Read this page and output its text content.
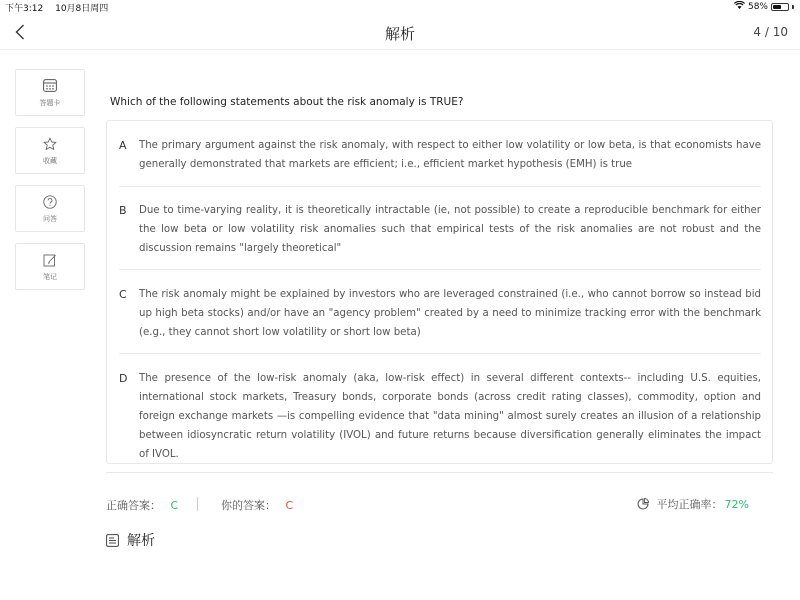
下午3:12 10月8日周四	58%
解析	4 / 10
答题卡
收藏
问答
笔记
Which of the following statements about the risk anomaly is TRUE?
A	The primary argument against the risk anomaly, with respect to either low volatility or low beta, is that economists have generally demonstrated that markets are efficient; i.e., efficient market hypothesis (EMH) is true
B	Due to time-varying reality, it is theoretically intractable (ie, not possible) to create a reproducible benchmark for either the low beta or low volatility risk anomalies such that empirical tests of the risk anomalies are not robust and the discussion remains "largely theoretical"
C	The risk anomaly might be explained by investors who are leveraged constrained (i.e., who cannot borrow so instead bid up high beta stocks) and/or have an "agency problem" created by a need to minimize tracking error with the benchmark (e.g., they cannot short low volatility or short low beta)
D	The presence of the low-risk anomaly (aka, low-risk effect) in several different contexts-- including U.S. equities, international stock markets, Treasury bonds, corporate bonds (across credit rating classes), commodity, option and foreign exchange markets —is compelling evidence that "data mining" almost surely creates an illusion of a relationship between idiosyncratic return volatility (IVOL) and future returns because diversification generally eliminates the impact of IVOL.
正确答案： C	你的答案： C	平均正确率： 72%
解析
